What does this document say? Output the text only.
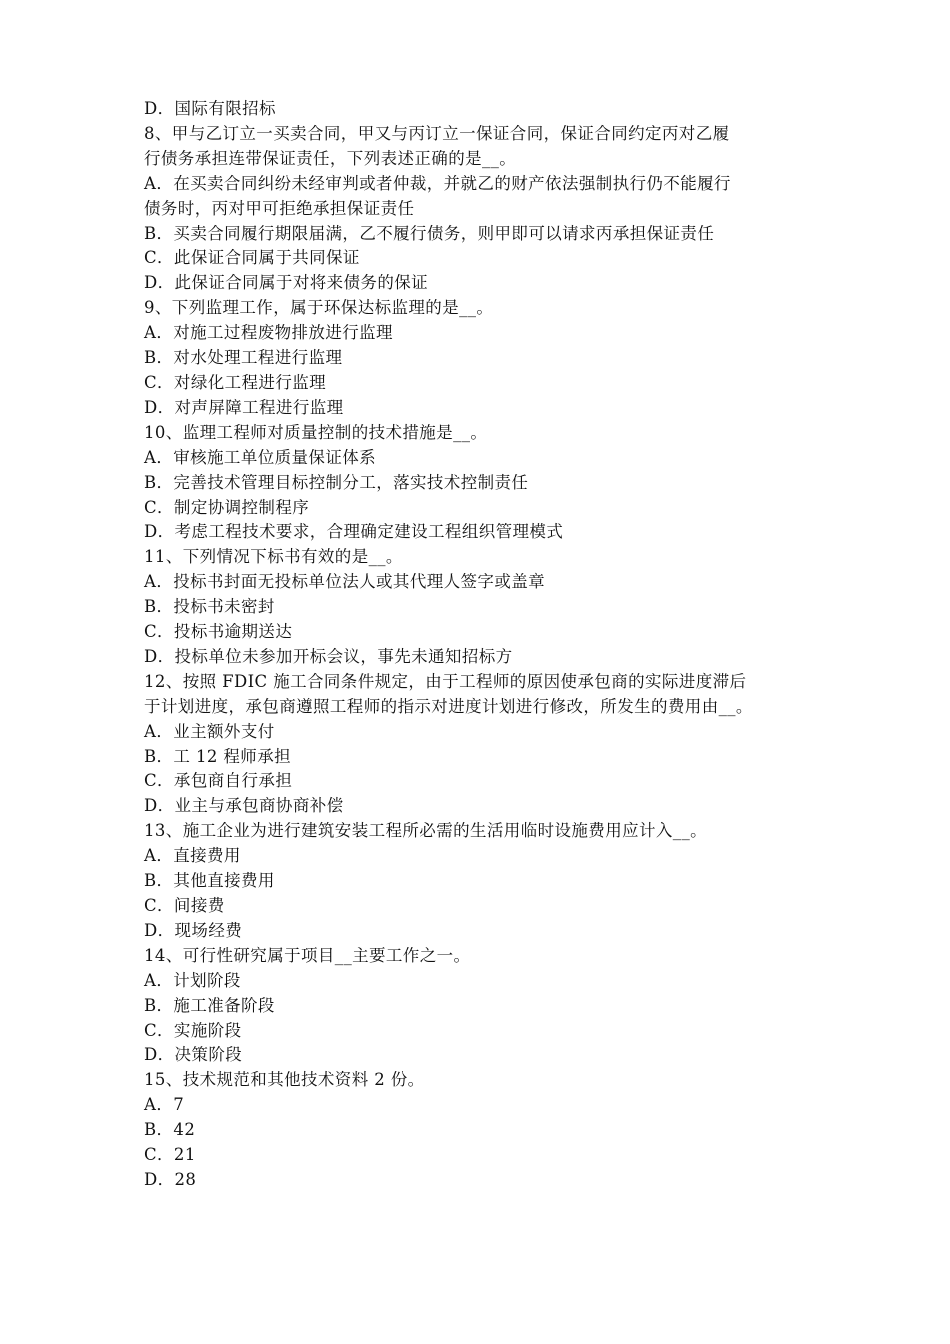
D．国际有限招标
8、甲与乙订立一买卖合同，甲又与丙订立一保证合同，保证合同约定丙对乙履
行债务承担连带保证责任，下列表述正确的是__。
A．在买卖合同纠纷未经审判或者仲裁，并就乙的财产依法强制执行仍不能履行
债务时，丙对甲可拒绝承担保证责任
B．买卖合同履行期限届满，乙不履行债务，则甲即可以请求丙承担保证责任
C．此保证合同属于共同保证
D．此保证合同属于对将来债务的保证
9、下列监理工作，属于环保达标监理的是__。
A．对施工过程废物排放进行监理
B．对水处理工程进行监理
C．对绿化工程进行监理
D．对声屏障工程进行监理
10、监理工程师对质量控制的技术措施是__。
A．审核施工单位质量保证体系
B．完善技术管理目标控制分工，落实技术控制责任
C．制定协调控制程序
D．考虑工程技术要求，合理确定建设工程组织管理模式
11、下列情况下标书有效的是__。
A．投标书封面无投标单位法人或其代理人签字或盖章
B．投标书未密封
C．投标书逾期送达
D．投标单位未参加开标会议，事先未通知招标方
12、按照 FDIC 施工合同条件规定，由于工程师的原因使承包商的实际进度滞后
于计划进度，承包商遵照工程师的指示对进度计划进行修改，所发生的费用由__。
A．业主额外支付
B．工 12 程师承担
C．承包商自行承担
D．业主与承包商协商补偿
13、施工企业为进行建筑安装工程所必需的生活用临时设施费用应计入__。
A．直接费用
B．其他直接费用
C．间接费
D．现场经费
14、可行性研究属于项目__主要工作之一。
A．计划阶段
B．施工准备阶段
C．实施阶段
D．决策阶段
15、技术规范和其他技术资料 2 份。
A．7
B．42
C．21
D．28
